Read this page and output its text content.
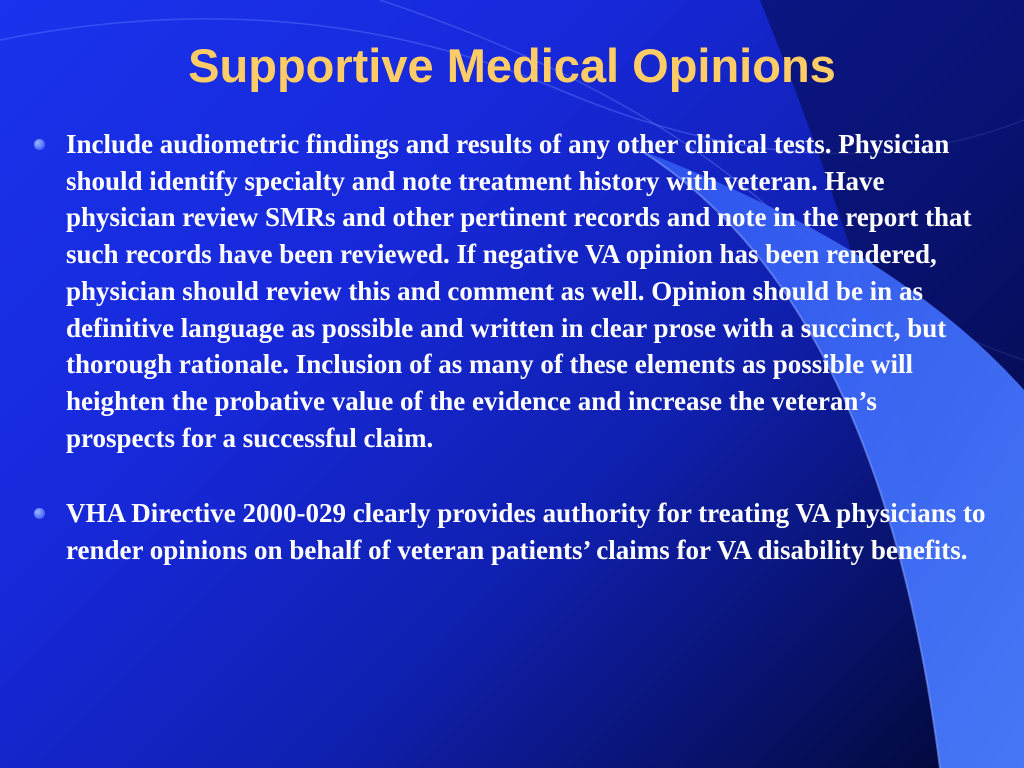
Supportive Medical Opinions
Include audiometric findings and results of any other clinical tests. Physician should identify specialty and note treatment history with veteran. Have physician review SMRs and other pertinent records and note in the report that such records have been reviewed. If negative VA opinion has been rendered, physician should review this and comment as well. Opinion should be in as definitive language as possible and written in clear prose with a succinct, but thorough rationale. Inclusion of as many of these elements as possible will heighten the probative value of the evidence and increase the veteran’s prospects for a successful claim.
VHA Directive 2000-029 clearly provides authority for treating VA physicians to render opinions on behalf of veteran patients’ claims for VA disability benefits.
